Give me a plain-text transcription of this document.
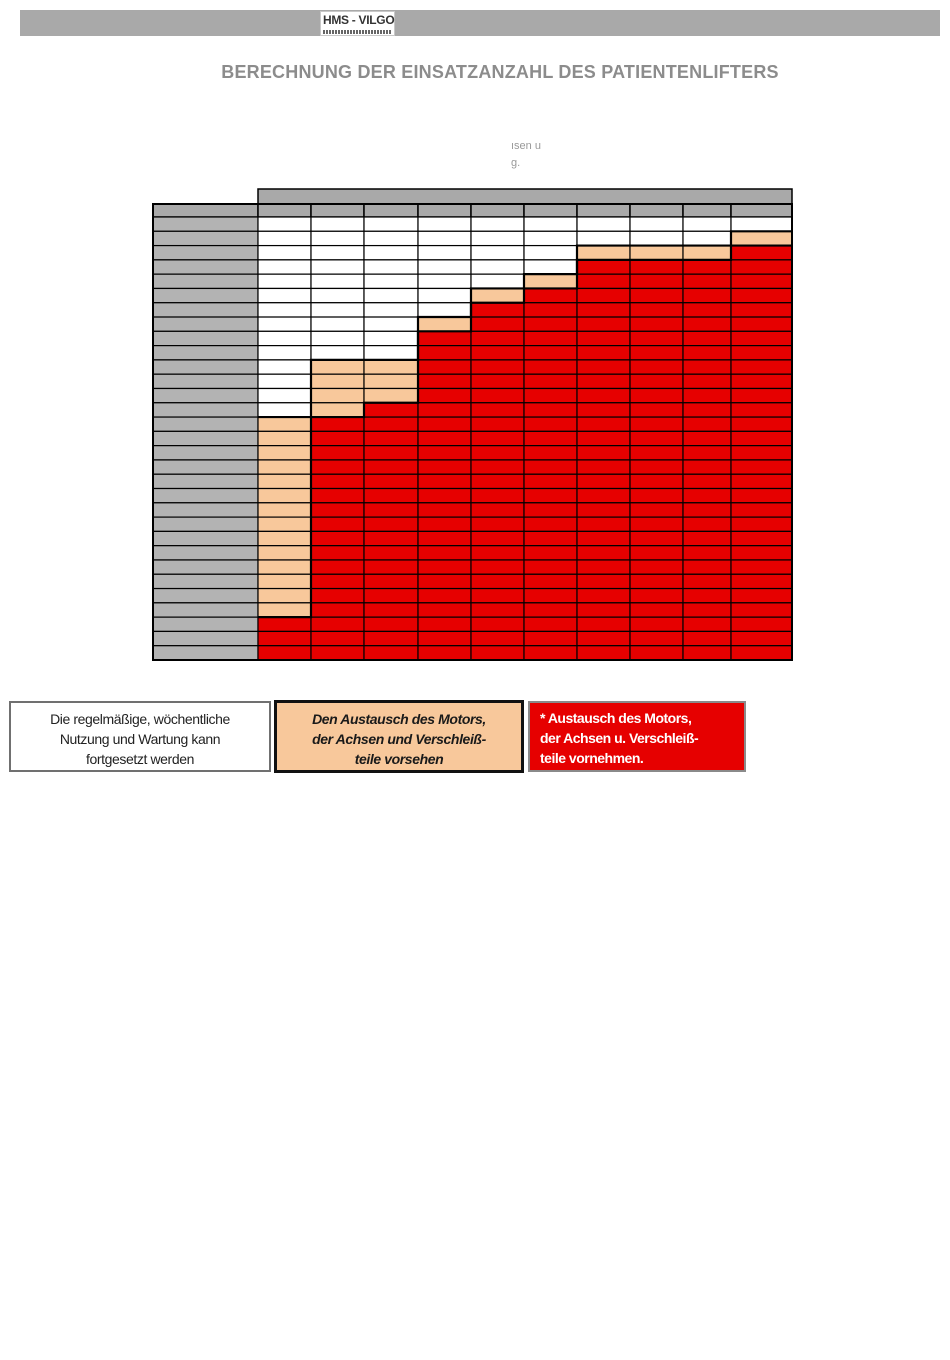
HMS - VILGO
BERECHNUNG DER EINSATZANZAHL DES PATIENTENLIFTERS
ısen u
g.
Die regelmäßige, wöchentliche
Nutzung und Wartung kann
fortgesetzt werden
Den Austausch des Motors,
der Achsen und Verschleiß-
teile vorsehen
* Austausch des Motors,
der Achsen u. Verschleiß-
teile vornehmen.
